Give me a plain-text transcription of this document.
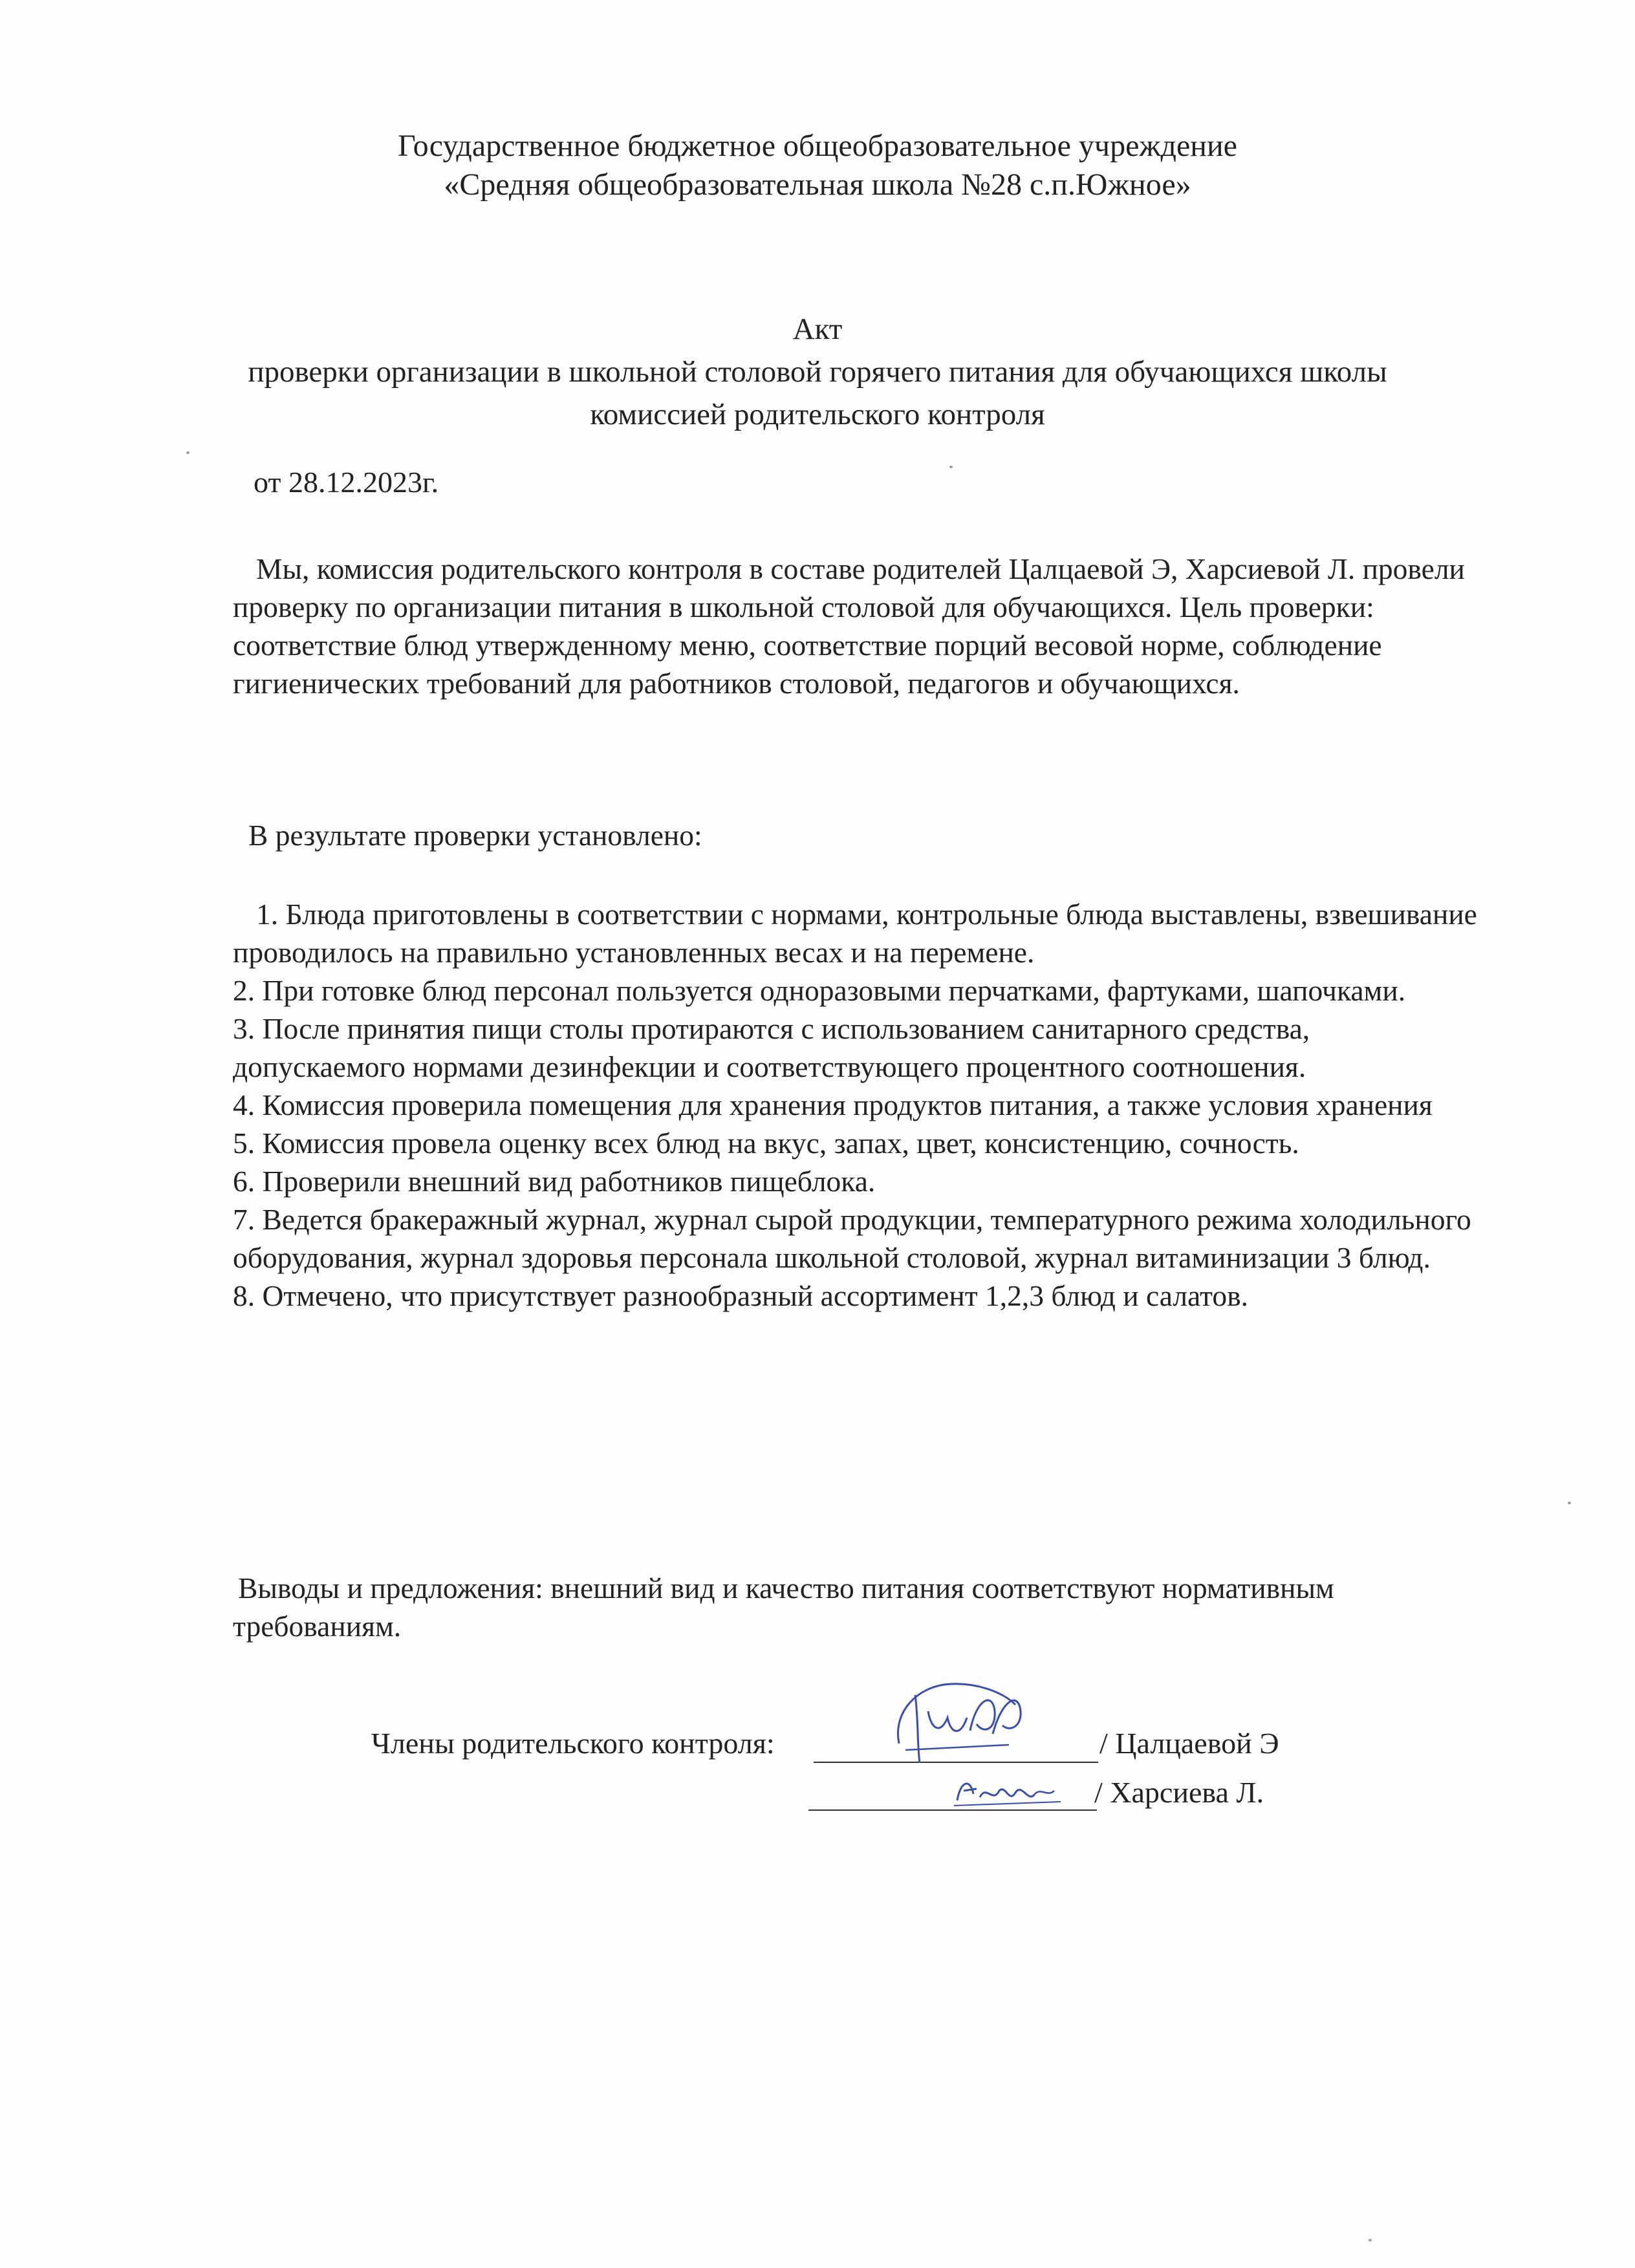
Государственное бюджетное общеобразовательное учреждение
«Средняя общеобразовательная школа №28 с.п.Южное»
Акт
проверки организации в школьной столовой горячего питания для обучающихся школы
комиссией родительского контроля
от 28.12.2023г.
Мы, комиссия родительского контроля в составе родителей Цалцаевой Э, Харсиевой Л. провели проверку по организации питания в школьной столовой для обучающихся. Цель проверки: соответствие блюд утвержденному меню, соответствие порций весовой норме, соблюдение гигиенических требований для работников столовой, педагогов и обучающихся.
В результате проверки установлено:

1. Блюда приготовлены в соответствии с нормами, контрольные блюда выставлены, взвешивание проводилось на правильно установленных весах и на перемене.

2. При готовке блюд персонал пользуется одноразовыми перчатками, фартуками, шапочками.

3. После принятия пищи столы протираются с использованием санитарного средства, допускаемого нормами дезинфекции и соответствующего процентного соотношения.

4. Комиссия проверила помещения для хранения продуктов питания, а также условия хранения

5. Комиссия провела оценку всех блюд на вкус, запах, цвет, консистенцию, сочность.

6. Проверили внешний вид работников пищеблока.

7. Ведется бракеражный журнал, журнал сырой продукции, температурного режима холодильного оборудования, журнал здоровья персонала школьной столовой, журнал витаминизации 3 блюд.

8. Отмечено, что присутствует разнообразный ассортимент 1,2,3 блюд и салатов.

Выводы и предложения: внешний вид и качество питания соответствуют нормативным требованиям.
Члены родительского контроля:	/ Цалцаевой Э
/ Харсиева Л.
